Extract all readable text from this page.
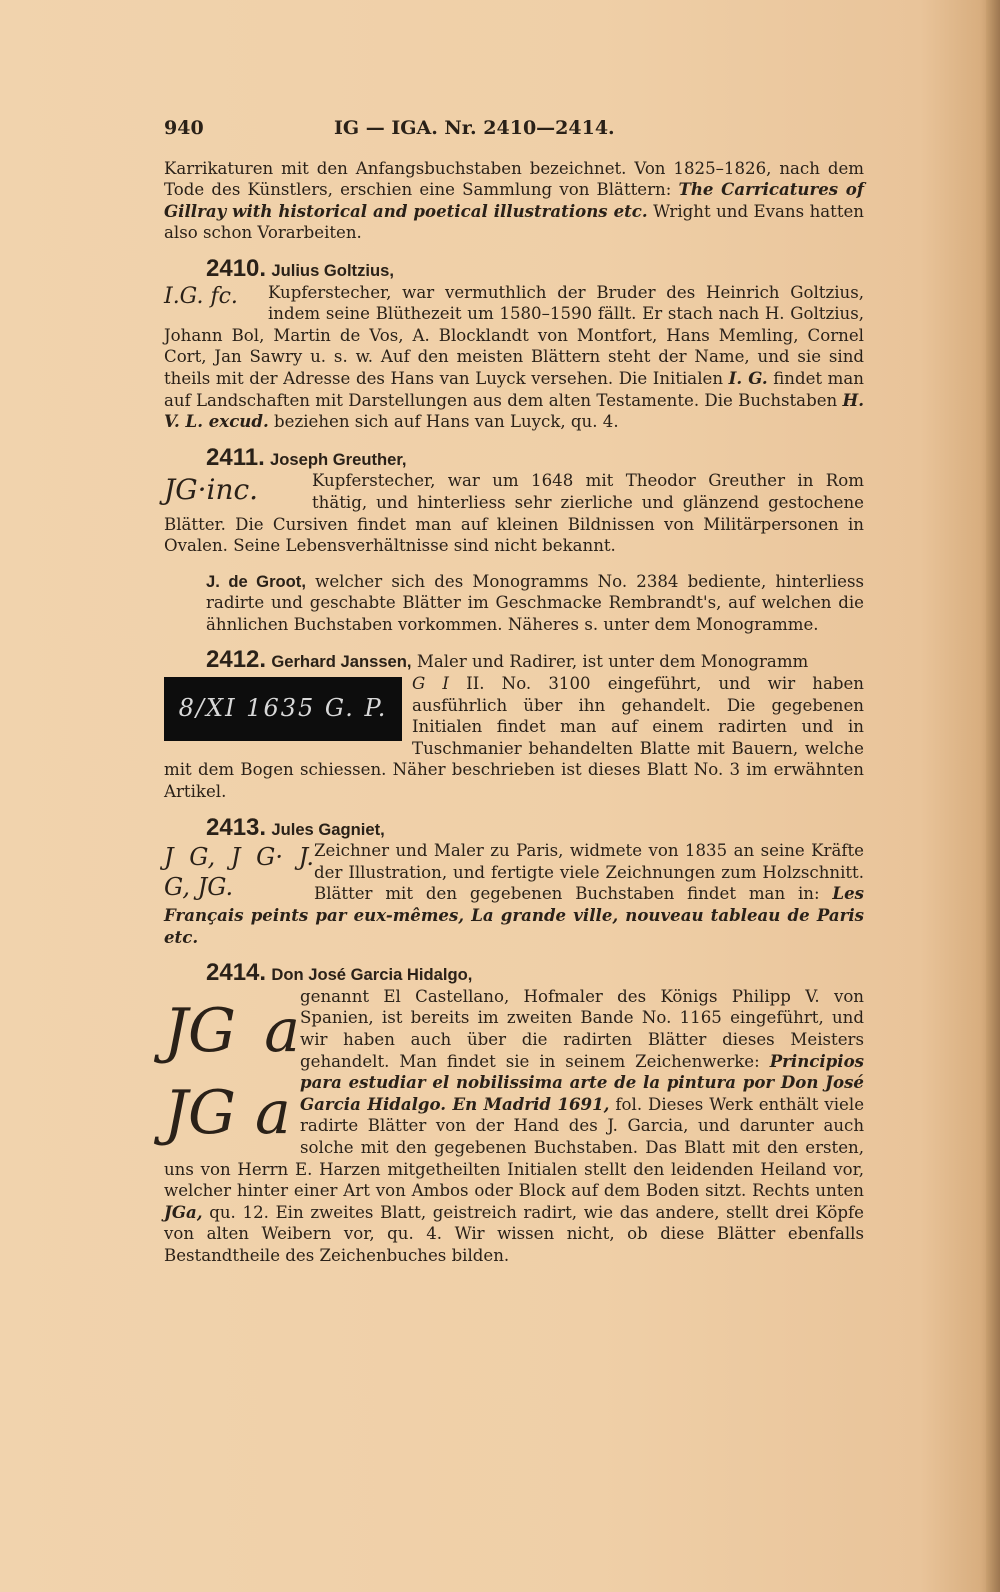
940	IG — IGA. Nr. 2410—2414.

Karrikaturen mit den Anfangsbuchstaben bezeichnet. Von 1825–1826, nach dem Tode des Künstlers, erschien eine Sammlung von Blättern: The Carricatures of Gillray with historical and poetical illustrations etc. Wright und Evans hatten also schon Vorarbeiten.

2410. Julius Goltzius,

I.G. fc.	Kupferstecher, war vermuthlich der Bruder des Heinrich Goltzius, indem seine Blüthezeit um 1580–1590 fällt. Er stach nach H. Goltzius, Johann Bol, Martin de Vos, A. Blocklandt von Montfort, Hans Memling, Cornel Cort, Jan Sawry u. s. w. Auf den meisten Blättern steht der Name, und sie sind theils mit der Adresse des Hans van Luyck versehen. Die Initialen I. G. findet man auf Landschaften mit Darstellungen aus dem alten Testamente. Die Buchstaben H. V. L. excud. beziehen sich auf Hans van Luyck, qu. 4.

2411. Joseph Greuther,

JG·inc.	Kupferstecher, war um 1648 mit Theodor Greuther in Rom thätig, und hinterliess sehr zierliche und glänzend gestochene Blätter. Die Cursiven findet man auf kleinen Bildnissen von Militärpersonen in Ovalen. Seine Lebensverhältnisse sind nicht bekannt.

J. de Groot, welcher sich des Monogramms No. 2384 bediente, hinterliess radirte und geschabte Blätter im Geschmacke Rembrandt's, auf welchen die ähnlichen Buchstaben vorkommen. Näheres s. unter dem Monogramme.

2412. Gerhard Janssen, Maler und Radirer, ist unter dem Monogramm

8/XI 1635 G. P.

G I II. No. 3100 eingeführt, und wir haben ausführlich über ihn gehandelt. Die gegebenen Initialen findet man auf einem radirten und in Tuschmanier behandelten Blatte mit Bauern, welche mit dem Bogen schiessen. Näher beschrieben ist dieses Blatt No. 3 im erwähnten Artikel.

2413. Jules Gagniet,

J G, J G· J. G, JG.

Zeichner und Maler zu Paris, widmete von 1835 an seine Kräfte der Illustration, und fertigte viele Zeichnungen zum Holzschnitt. Blätter mit den gegebenen Buchstaben findet man in: Les Français peints par eux-mêmes, La grande ville, nouveau tableau de Paris etc.

2414. Don José Garcia Hidalgo,

JG a JG a

genannt El Castellano, Hofmaler des Königs Philipp V. von Spanien, ist bereits im zweiten Bande No. 1165 eingeführt, und wir haben auch über die radirten Blätter dieses Meisters gehandelt. Man findet sie in seinem Zeichenwerke: Principios para estudiar el nobilissima arte de la pintura por Don José Garcia Hidalgo. En Madrid 1691, fol. Dieses Werk enthält viele radirte Blätter von der Hand des J. Garcia, und darunter auch solche mit den gegebenen Buchstaben. Das Blatt mit den ersten, uns von Herrn E. Harzen mitgetheilten Initialen stellt den leidenden Heiland vor, welcher hinter einer Art von Ambos oder Block auf dem Boden sitzt. Rechts unten JGa, qu. 12. Ein zweites Blatt, geistreich radirt, wie das andere, stellt drei Köpfe von alten Weibern vor, qu. 4. Wir wissen nicht, ob diese Blätter ebenfalls Bestandtheile des Zeichenbuches bilden.
